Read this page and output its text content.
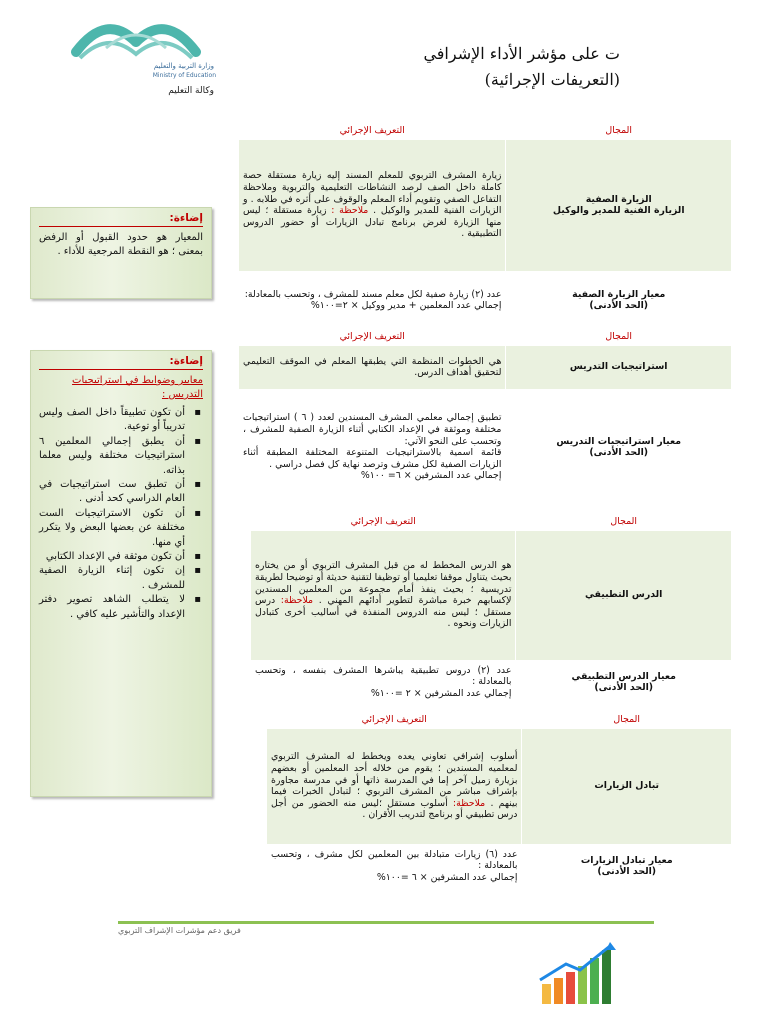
وزارة التربية والتعليم
Ministry of Education
وكالة التعليم
ت على مؤشر الأداء الإشرافي
(التعريفات الإجرائية)
إضاءة:

المعيار هو حدود القبول أو الرفض بمعنى ؛ هو النقطة المرجعية للأداء .

إضاءة:
معايير وضوابط في استراتيجيات التدريس :
▪ أن تكون تطبيقاً داخل الصف وليس تدريباً أو توعية.
▪ أن يطبق إجمالي المعلمين ٦ استراتيجيات مختلفة وليس معلما بذاته.
▪ أن تطبق ست استراتيجيات في العام الدراسي كحد أدنى .
▪ أن تكون الاستراتيجيات الست مختلفة عن بعضها البعض ولا يتكرر أي منها.
▪ أن تكون موثقة في الإعداد الكتابي
▪ إن تكون إثناء الزيارة الصفية للمشرف .
▪ لا يتطلب الشاهد تصوير دفتر الإعداد والتأشير عليه كافي .
المجال	التعريف الإجرائي
الزيارة الصفية
الزيارة الفنية للمدير والوكيل	زيارة المشرف التربوي للمعلم المسند إليه زيارة مستقلة حصة كاملة داخل الصف لرصد النشاطات التعليمية والتربوية وملاحظة التفاعل الصفي وتقويم أداء المعلم والوقوف على أثره في طلابه . و الزيارات الفنية للمدير والوكيل . ملاحظة : زيارة مستقلة ؛ ليس منها الزيارة لغرض برنامج تبادل الزيارات أو حضور الدروس التطبيقية .
معيار الزيارة الصفية
(الحد الأدنى)	عدد (٢) زيارة صفية لكل معلم مسند للمشرف ، وتحسب بالمعادلة:
إجمالي عدد المعلمين + مدير ووكيل × ٢=١٠٠%
المجال	التعريف الإجرائي
استراتيجيات التدريس	هي الخطوات المنظمة التي يطبقها المعلم في الموقف التعليمي لتحقيق أهداف الدرس.
معيار استراتيجيات التدريس
(الحد الأدنى)	تطبيق إجمالي معلمي المشرف المسندين لعدد ( ٦ ) استراتيجيات مختلفة وموثقة في الإعداد الكتابي أثناء الزيارة الصفية للمشرف ، وتحسب على النحو الآتي:
قائمة اسمية بالاستراتيجيات المتنوعة المختلفة المطبقة أثناء الزيارات الصفية لكل مشرف وترصد نهاية كل فصل دراسي .
إجمالي عدد المشرفين × ٦= ١٠٠%
المجال	التعريف الإجرائي
الدرس التطبيقي	هو الدرس المخطط له من قبل المشرف التربوي أو من يختاره بحيث يتناول موقفا تعليميا أو توظيفا لتقنية حديثة أو توضيحا لطريقة تدريسية ؛ بحيث ينفذ أمام مجموعة من المعلمين المسندين لإكسابهم خبرة مباشرة لتطوير أدائهم المهني . ملاحظة: درس مستقل ؛ ليس منه الدروس المنفذة في أساليب أخرى كتبادل الزيارات ونحوه .
معيار الدرس التطبيقي
(الحد الأدنى)	عدد (٢) دروس تطبيقية يباشرها المشرف بنفسه ، وتحسب بالمعادلة :
إجمالي عدد المشرفين × ٢ =١٠٠%
المجال	التعريف الإجرائي
تبادل الزيارات	أسلوب إشرافي تعاوني يعده ويخطط له المشرف التربوي لمعلميه المسندين ؛ يقوم من خلاله أحد المعلمين أو بعضهم بزيارة زميل آخر إما في المدرسة ذاتها أو في مدرسة مجاورة بإشراف مباشر من المشرف التربوي ؛ لتبادل الخبرات فيما بينهم . ملاحظة: أسلوب مستقل ؛ليس منه الحضور من أجل درس تطبيقي أو برنامج لتدريب الأقران .
معيار تبادل الزيارات
(الحد الأدنى)	عدد (٦) زيارات متبادلة بين المعلمين لكل مشرف ، وتحسب بالمعادلة :
إجمالي عدد المشرفين × ٦ =١٠٠%
فريق دعم مؤشرات الإشراف التربوي
